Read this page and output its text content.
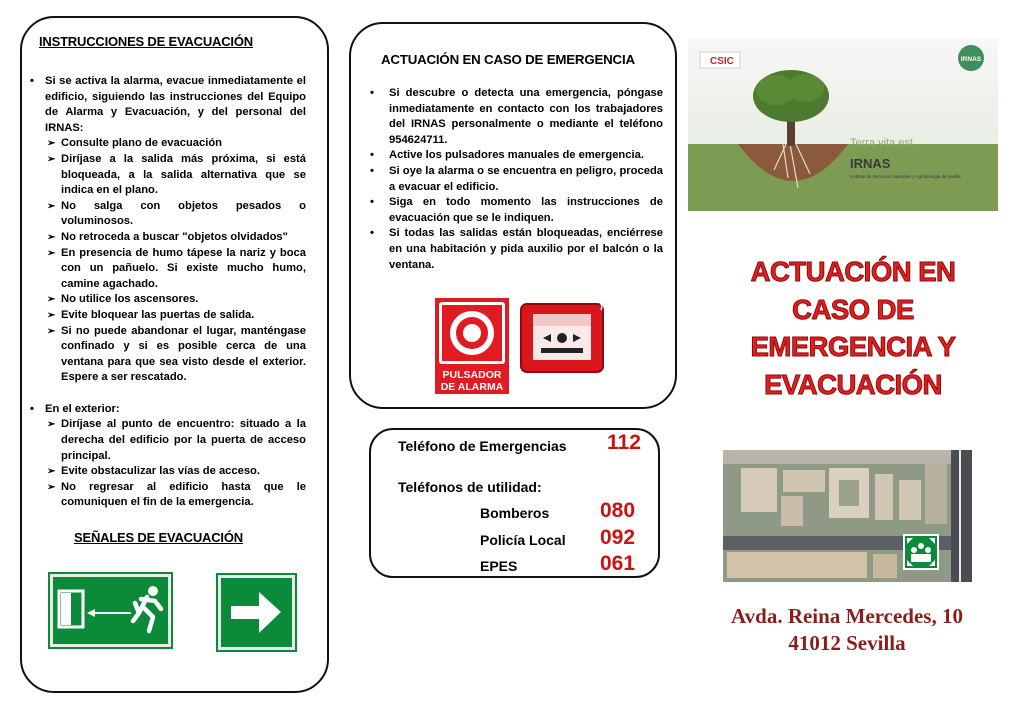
INSTRUCCIONES DE EVACUACIÓN
• Si se activa la alarma, evacue inmediatamente el edificio, siguiendo las instrucciones del Equipo de Alarma y Evacuación, y del personal del IRNAS:
➢ Consulte plano de evacuación
➢ Diríjase a la salida más próxima, si está bloqueada, a la salida alternativa que se indica en el plano.
➢ No salga con objetos pesados o voluminosos.
➢ No retroceda a buscar "objetos olvidados"
➢ En presencia de humo tápese la nariz y boca con un pañuelo. Si existe mucho humo, camine agachado.
➢ No utilice los ascensores.
➢ Evite bloquear las puertas de salida.
➢ Si no puede abandonar el lugar, manténgase confinado y si es posible cerca de una ventana para que sea visto desde el exterior. Espere a ser rescatado.
• En el exterior:
➢ Diríjase al punto de encuentro: situado a la derecha del edificio por la puerta de acceso principal.
➢ Evite obstaculizar las vías de acceso.
➢ No regresar al edificio hasta que le comuniquen el fin de la emergencia.
SEÑALES DE EVACUACIÓN
ACTUACIÓN EN CASO DE EMERGENCIA
• Si descubre o detecta una emergencia, póngase inmediatamente en contacto con los trabajadores del IRNAS personalmente o mediante el teléfono 954624711.
• Active los pulsadores manuales de emergencia.
• Si oye la alarma o se encuentra en peligro, proceda a evacuar el edificio.
• Siga en todo momento las instrucciones de evacuación que se le indiquen.
• Si todas las salidas están bloqueadas, enciérrese en una habitación y pida auxilio por el balcón o la ventana.
PULSADOR
DE ALARMA
Teléfono de Emergencias 112
Teléfonos de utilidad:
Bomberos 080
Policía Local 092
EPES	061
CSIC	IRNAS
Terra vita est
IRNAS
Instituto de Recursos Naturales y Agrobiología de Sevilla
ACTUACIÓN EN
CASO DE
EMERGENCIA Y
EVACUACIÓN
Avda. Reina Mercedes, 10
41012 Sevilla
